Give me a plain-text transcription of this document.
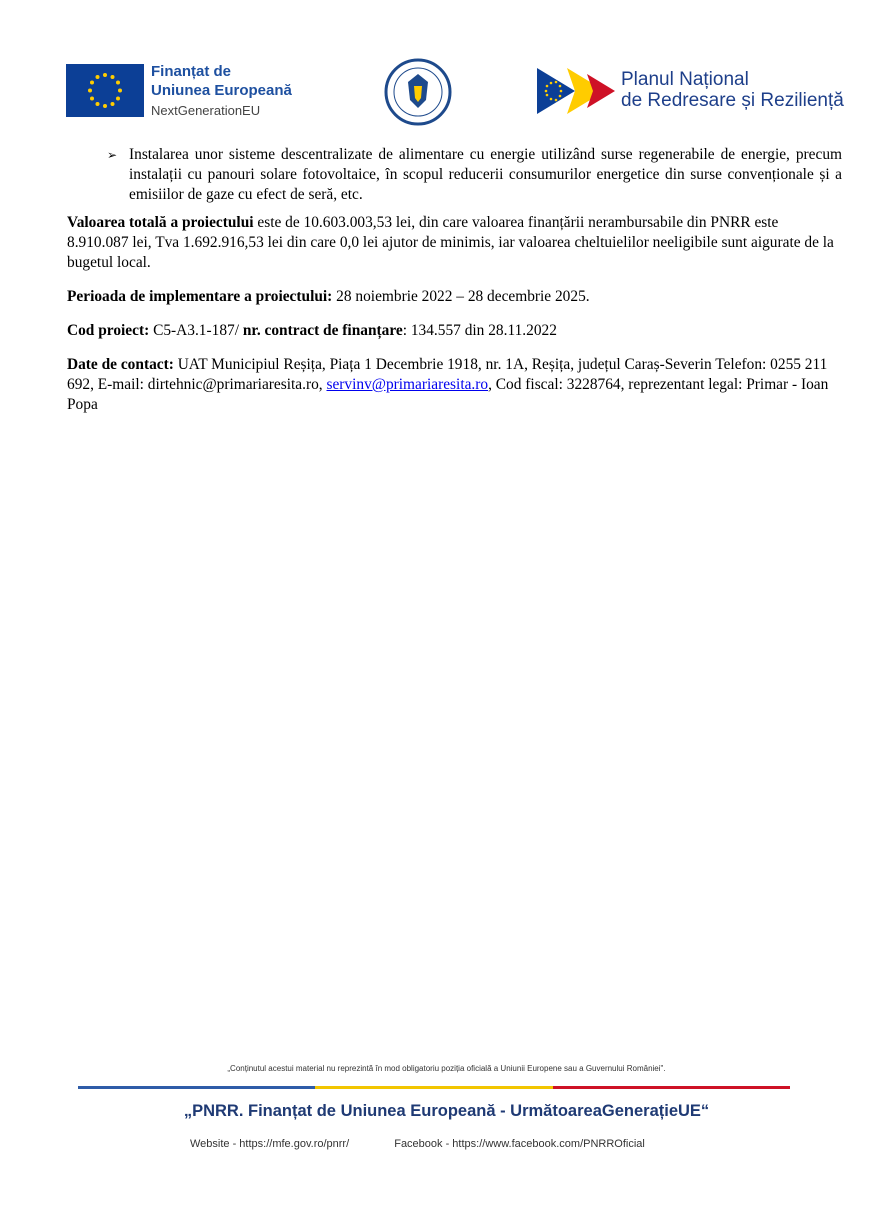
Finanțat de
Uniunea Europeană
NextGenerationEU
Planul Național
de Redresare și Reziliență
➢ Instalarea unor sisteme descentralizate de alimentare cu energie utilizând surse regenerabile de energie, precum instalații cu panouri solare fotovoltaice, în scopul reducerii consumurilor energetice din surse convenționale și a emisiilor de gaze cu efect de seră, etc.

Valoarea totală a proiectului este de 10.603.003,53 lei, din care valoarea finanțării nerambursabile din PNRR este 8.910.087 lei, Tva 1.692.916,53 lei din care 0,0 lei ajutor de minimis, iar valoarea cheltuielilor neeligibile sunt aigurate de la bugetul local.

Perioada de implementare a proiectului: 28 noiembrie 2022 – 28 decembrie 2025.

Cod proiect: C5-A3.1-187/ nr. contract de finanțare: 134.557 din 28.11.2022

Date de contact: UAT Municipiul Reșița, Piața 1 Decembrie 1918, nr. 1A, Reșița, județul Caraș-Severin Telefon: 0255 211 692, E-mail: dirtehnic@primariaresita.ro, servinv@primariaresita.ro, Cod fiscal: 3228764, reprezentant legal: Primar - Ioan Popa

„Conținutul acestui material nu reprezintă în mod obligatoriu poziția oficială a Uniunii Europene sau a Guvernului României".
„PNRR. Finanțat de Uniunea Europeană - UrmătoareaGenerațieUE“
Website - https://mfe.gov.ro/pnrr/	Facebook - https://www.facebook.com/PNRROficial
